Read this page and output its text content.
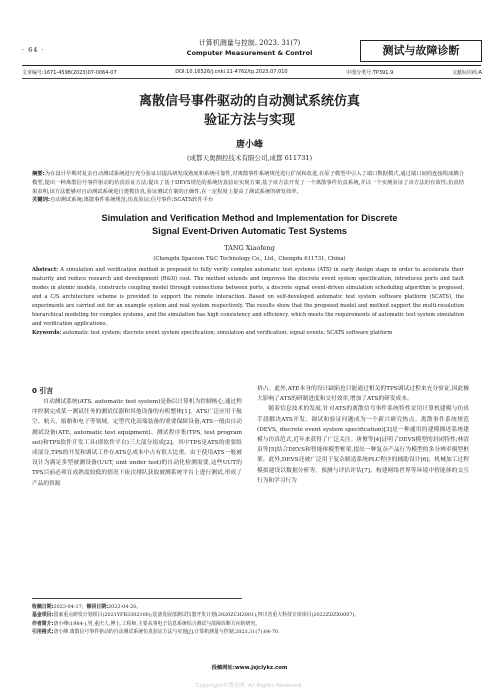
· 64 ·
计算机测量与控制. 2023. 31(7)
Computer Measurement & Control	测试与故障诊断
文章编号:1671-4598(2023)07-0064-07	DOI:10.16526/j.cnki.11-4762/tp.2023.07.010	中图分类号:TP391.9	文献标识码:A
离散信号事件驱动的自动测试系统仿真
验证方法与实现
唐小峰
(成都天奥测控技术有限公司,成都 611731)
摘要:为在设计早期对复杂自动测试系统进行充分验证以提高研发成熟度和系统可靠性,对离散事件系统规范进行扩展和改进,在原子模型中引入了端口数据模式,通过端口间的连接构成耦合模型,提出一种离散信号事件驱动的仿真验证方法;提出了基于DEVS规范的系统仿真验证实现方案,基于该方法开发了一个离散事件仿真系统,并以一个实例验证了该方法的有效性;仿真结果表明,该方法能够对自动测试系统进行建模仿真,验证测试方案的正确性,在一定程度上提高了测试系统的研发效率。
关键词:自动测试系统;离散事件系统规范;仿真验证;信号事件;SCATS软件平台
Simulation and Verification Method and Implementation for Discrete
Signal Event-Driven Automatic Test Systems
TANG Xiaofeng
(Chengdu Spaceon T&C Technology Co., Ltd., Chengdu 611731, China)
Abstract: A simulation and verification method is proposed to fully verify complex automatic test systems (ATS) in early design stage in order to accelerate their maturity and reduce research and development (R&D) cost. The method extends and improves the discrete event system specification, introduces ports and fault modes in atomic models, constructs coupling model through connections between ports, a discrete signal event-driven simulation scheduling algorithm is proposed, and a C/S architecture scheme is provided to support the remote interaction. Based on self-developed automatic test system software platform (SCATS), the experiments are carried out for an example system and real system respectively. The results show that the proposed model and method support the multi-resolution hierarchical modeling for complex systems, and the simulation has high consistency and efficiency, which meets the requirements of automatic test system simulation and verification applications.
Keywords: automatic test system; discrete event system specification; simulation and verification; signal events; SCATS software platform
0 引言
自动测试系统(ATS, automatic test system)是指以计算机为控制核心,通过程序控制完成某一测试任务的测试仪器和其他设备的有机整体[1]。ATS广泛应用于航空、航天、船舶和电子等领域。定型代化高端装备的重要保障设备,ATS一般由自动测试设备(ATE, automatic test equipment)、测试程序集(TPS, test program set)和TPS软件开发工具(即软件平台)三大部分组成[2]。其中TPS是ATS的重要组成部分,TPS的开发和调试工作在ATS总成本中占有很大比重。由于使用ATS一般被设计为满足多型被测设备(UUT, unit under test)的自动化检测需要,这些UUT的TPS目前必须在成熟度较低的情况下依次排队获取被测系统平台上进行测试,形成了产品的资源
挤占。此外,ATE本身的设计缺陷也只能通过相关的TPS调试过程来充分验证,因此极大影响了ATS的研制进度和交付效率,增加了ATS的研发成本。
随着信息技术的发展,针对ATS的离散信号事件系统特性采用计算机建模与仿真手段解决ATS开发、调试和验证问题成为一个新兴研究热点。离散事件系统规范(DEVS, discrete event system specification)[3]是一种通用的建模描述系统建模与仿真范式,近年来获得了广泛关注。唐俊等[4]证明了DEVS模型的封闭特性;林清泉等[5]结合DEVS和智能体模型框架,提出一种复杂产品行为模型的多分辨率模型框架。此外,DEVS还被广泛用于复杂制造系统PLC程序的辅助设计[6]、机械加工过程模拟建设以数据分析等。预测与评估评估[7]、构建网络世界等环境中智能体的交互行为和学习行为
收稿日期:2023-04-17; 修回日期:2023-04-20。
基金项目:国家重点研发计划项目(2021YFB3302100);装备发展部测试仪器开发计划(2020ZCH2001);四川省重大科技专项项目(2022ZDZX0007)。
作者简介:唐小峰(1984-),男,重庆人,博士,工程师,主要从事电子信息系统综合测试与故障诊断方向的研究。
引用格式:唐小峰.离散信号事件驱动的自动测试系统仿真验证方法与实现[J].计算机测量与控制,2023,31(7):64-70.
投稿网址:www.jsjclykz.com
Copyright©博看网. All Rights Reserved.
